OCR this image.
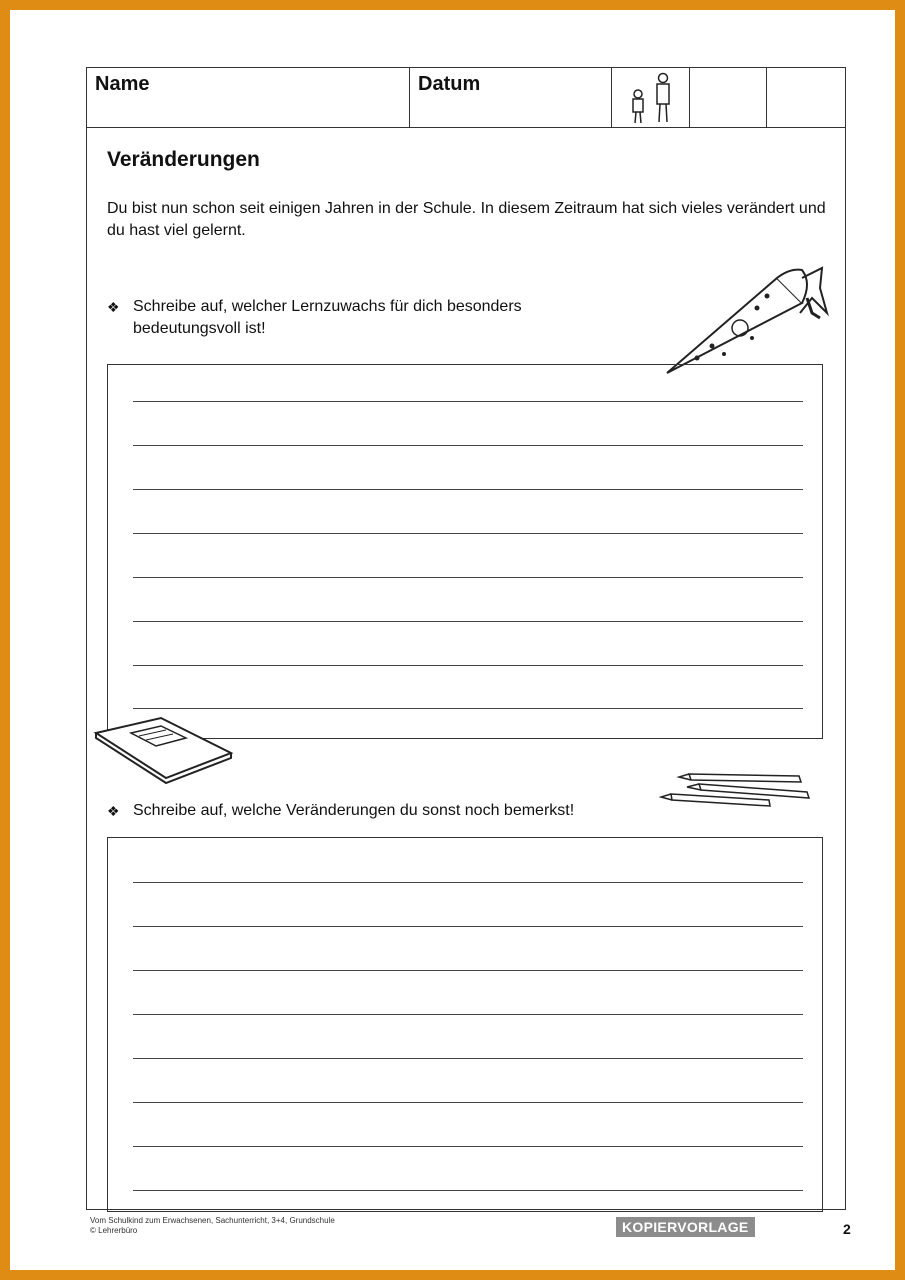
Name	Datum
Veränderungen
Du bist nun schon seit einigen Jahren in der Schule. In diesem Zeitraum hat sich vieles verändert und du hast viel gelernt.
❖ Schreibe auf, welcher Lernzuwachs für dich besonders bedeutungsvoll ist!
❖ Schreibe auf, welche Veränderungen du sonst noch bemerkst!
Vom Schulkind zum Erwachsenen, Sachunterricht, 3+4, Grundschule
© Lehrerbüro	KOPIERVORLAGE	2
